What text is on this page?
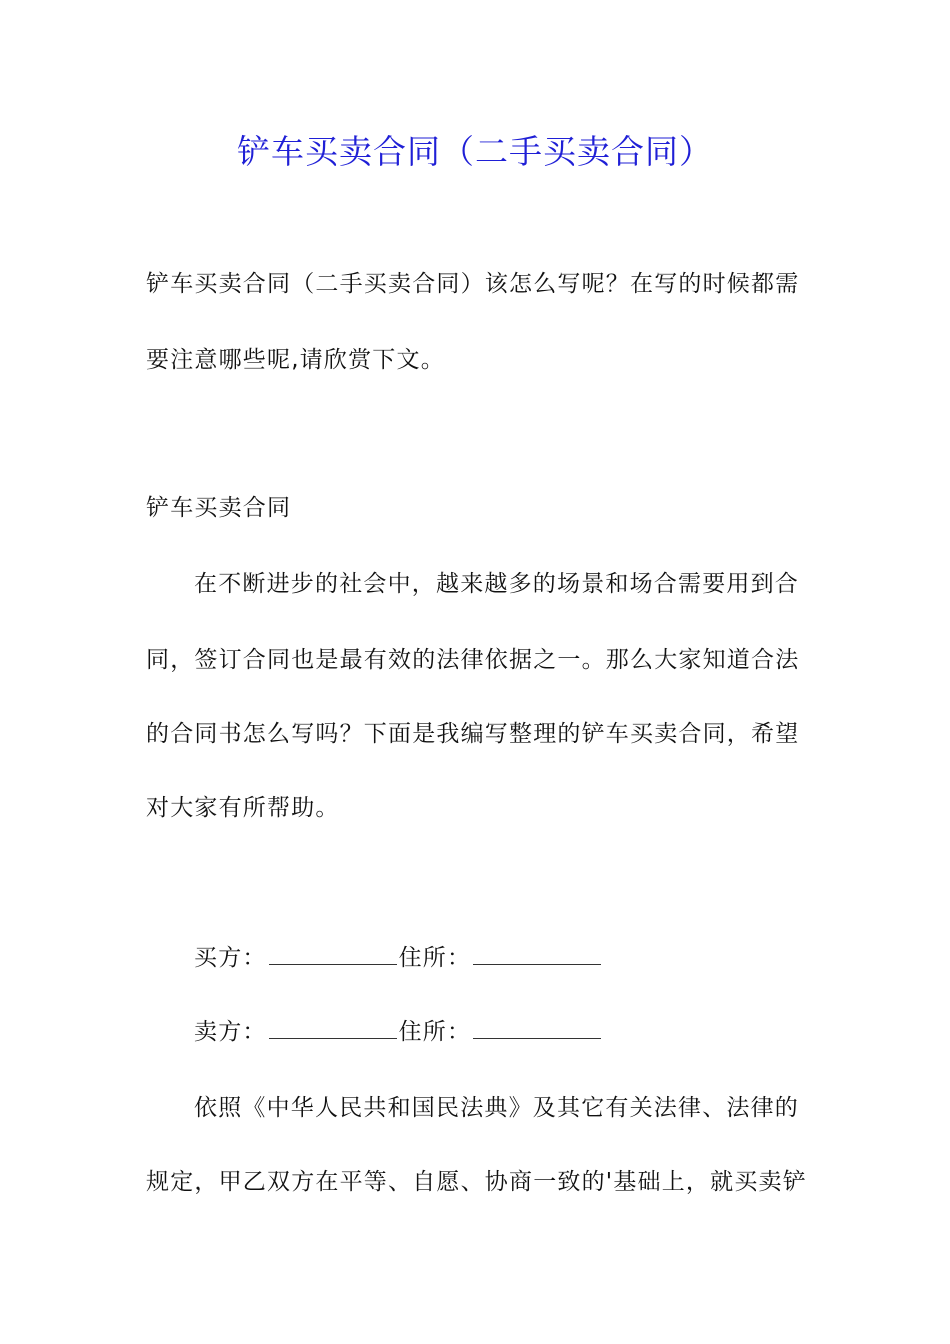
铲车买卖合同（二手买卖合同）

铲车买卖合同（二手买卖合同）该怎么写呢？在写的时候都需

要注意哪些呢,请欣赏下文。

铲车买卖合同

在不断进步的社会中，越来越多的场景和场合需要用到合

同，签订合同也是最有效的法律依据之一。那么大家知道合法

的合同书怎么写吗？下面是我编写整理的铲车买卖合同，希望

对大家有所帮助。

买方：	住所：

卖方：	住所：

依照《中华人民共和国民法典》及其它有关法律、法律的

规定，甲乙双方在平等、自愿、协商一致的'基础上，就买卖铲
